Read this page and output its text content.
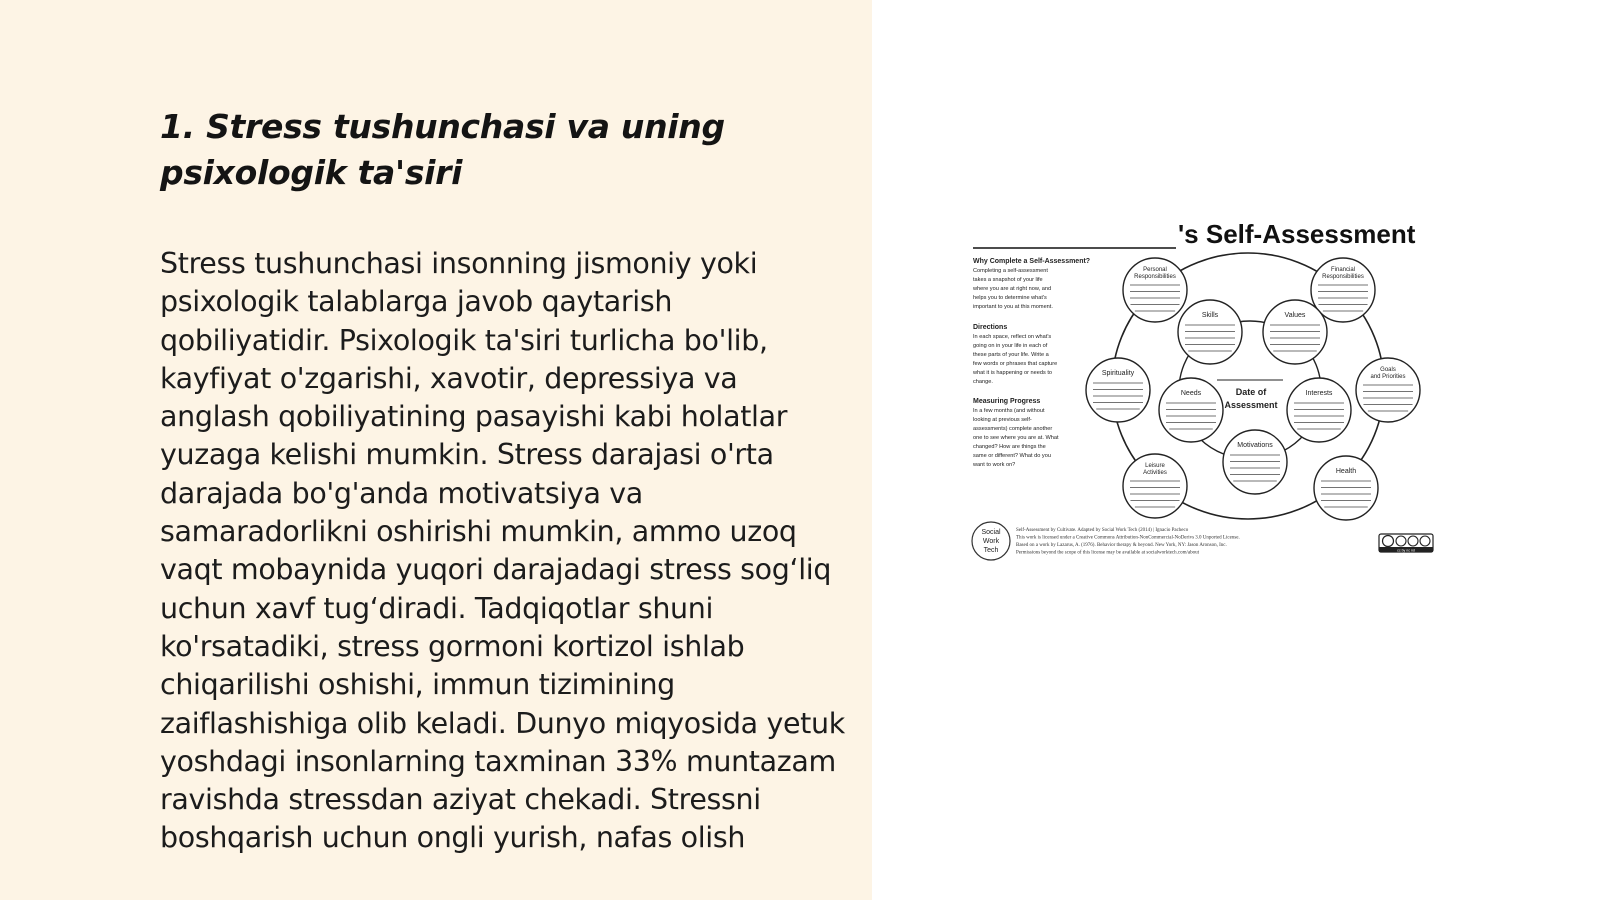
1. Stress tushunchasi va uning psixologik ta'siri

Stress tushunchasi insonning jismoniy yoki psixologik talablarga javob qaytarish qobiliyatidir. Psixologik ta'siri turlicha bo'lib, kayfiyat o'zgarishi, xavotir, depressiya va anglash qobiliyatining pasayishi kabi holatlar yuzaga kelishi mumkin. Stress darajasi o'rta darajada bo'g'anda motivatsiya va samaradorlikni oshirishi mumkin, ammo uzoq vaqt mobaynida yuqori darajadagi stress sog‘liq uchun xavf tug‘diradi. Tadqiqotlar shuni ko'rsatadiki, stress gormoni kortizol ishlab chiqarilishi oshishi, immun tizimining zaiflashishiga olib keladi. Dunyo miqyosida yetuk yoshdagi insonlarning taxminan 33% muntazam ravishda stressdan aziyat chekadi. Stressni boshqarish uchun ongli yurish, nafas olish

's Self-Assessment
Why Complete a Self-Assessment?
Completing a self-assessment
takes a snapshot of your life
where you are at right now, and
helps you to determine what's
important to you at this moment.
Directions
In each space, reflect on what's
going on in your life in each of
these parts of your life. Write a
few words or phrases that capture
what it is happening or needs to
change.
Measuring Progress
In a few months (and without
looking at previous self-
assessments) complete another
one to see where you are at. What
changed? How are things the
same or different? What do you
want to work on?
Date of
Assessment
Personal
Responsibilities
Financial
Responsibilities
Skills	Values
Spirituality	Goals
and Priorities
Needs	Interests
Motivations
Leisure
Activities	Health
Social
Work
Tech
Self-Assessment by Cultivate. Adapted by Social Work Tech (2014) | Ignacio Pacheco
This work is licensed under a Creative Commons Attribution-NonCommercial-NoDerivs 3.0 Unported License.
Based on a work by Lazarus, A. (1976). Behavior therapy & beyond. New York, NY: Jason Aronson, Inc.
Permissions beyond the scope of this license may be available at socialworktech.com/about	cc by nc nd
